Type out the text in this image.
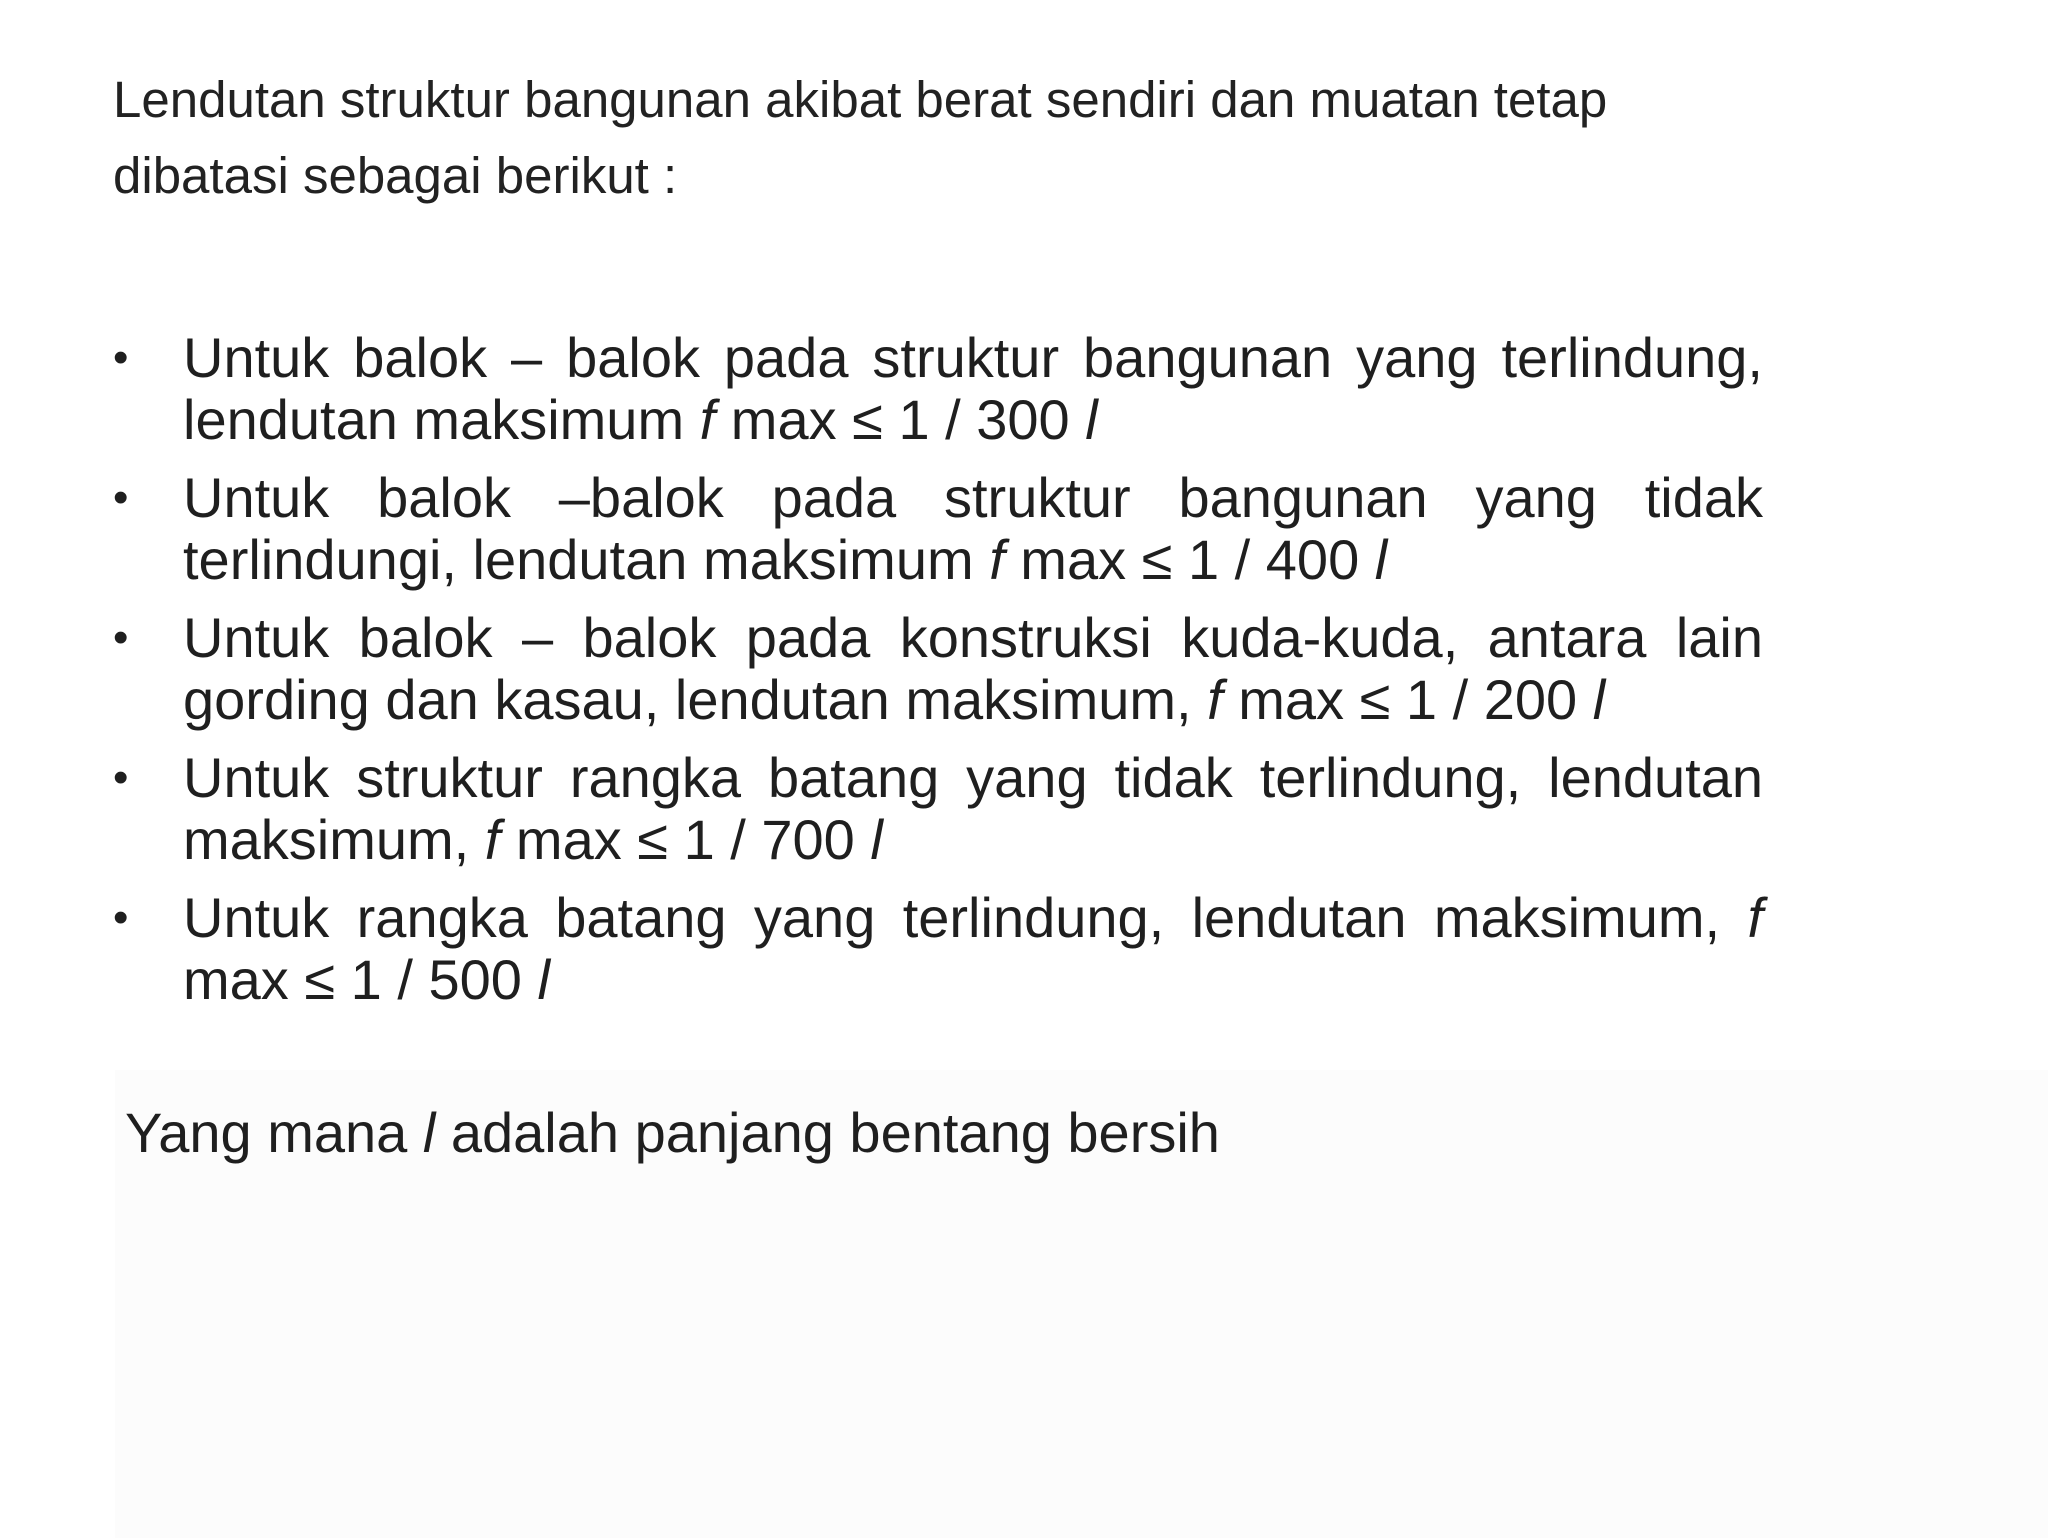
Lendutan struktur bangunan akibat berat sendiri dan muatan tetap dibatasi sebagai berikut :
• Untuk balok – balok pada struktur bangunan yang terlindung, lendutan maksimum f max ≤ 1 / 300 l
• Untuk balok –balok pada struktur bangunan yang tidak terlindungi, lendutan maksimum f max ≤ 1 / 400 l
• Untuk balok – balok pada konstruksi kuda-kuda, antara lain gording dan kasau, lendutan maksimum, f max ≤ 1 / 200 l
• Untuk struktur rangka batang yang tidak terlindung, lendutan maksimum, f max ≤ 1 / 700 l
• Untuk rangka batang yang terlindung, lendutan maksimum, f max ≤ 1 / 500 l
Yang mana l adalah panjang bentang bersih
